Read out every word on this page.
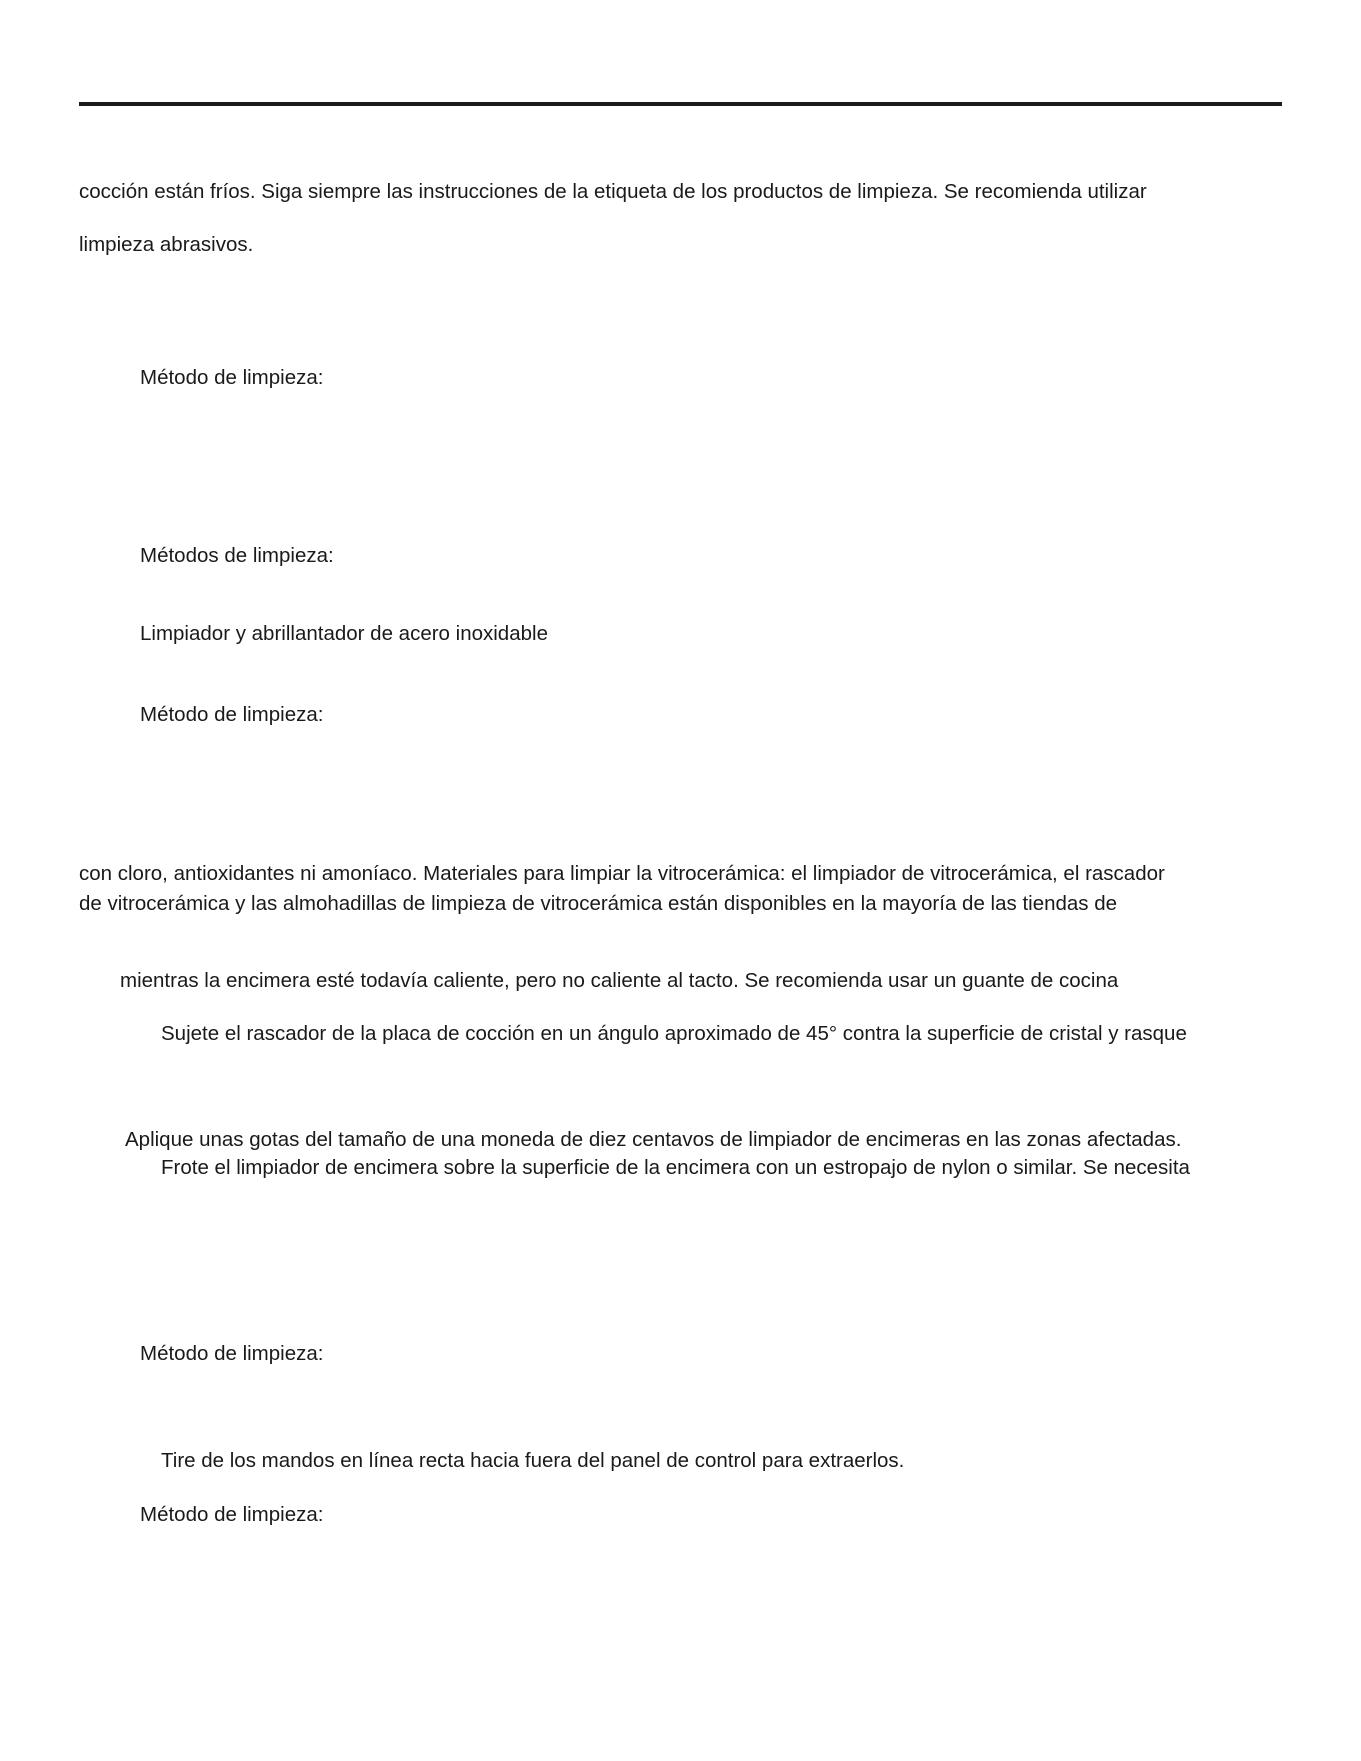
cocción están fríos. Siga siempre las instrucciones de la etiqueta de los productos de limpieza. Se recomienda utilizar
limpieza abrasivos.
Método de limpieza:
Métodos de limpieza:
Limpiador y abrillantador de acero inoxidable
Método de limpieza:
con cloro, antioxidantes ni amoníaco. Materiales para limpiar la vitrocerámica: el limpiador de vitrocerámica, el rascador
de vitrocerámica y las almohadillas de limpieza de vitrocerámica están disponibles en la mayoría de las tiendas de
mientras la encimera esté todavía caliente, pero no caliente al tacto. Se recomienda usar un guante de cocina
Sujete el rascador de la placa de cocción en un ángulo aproximado de 45° contra la superficie de cristal y rasque
Aplique unas gotas del tamaño de una moneda de diez centavos de limpiador de encimeras en las zonas afectadas.
Frote el limpiador de encimera sobre la superficie de la encimera con un estropajo de nylon o similar. Se necesita
Método de limpieza:
Tire de los mandos en línea recta hacia fuera del panel de control para extraerlos.
Método de limpieza:
